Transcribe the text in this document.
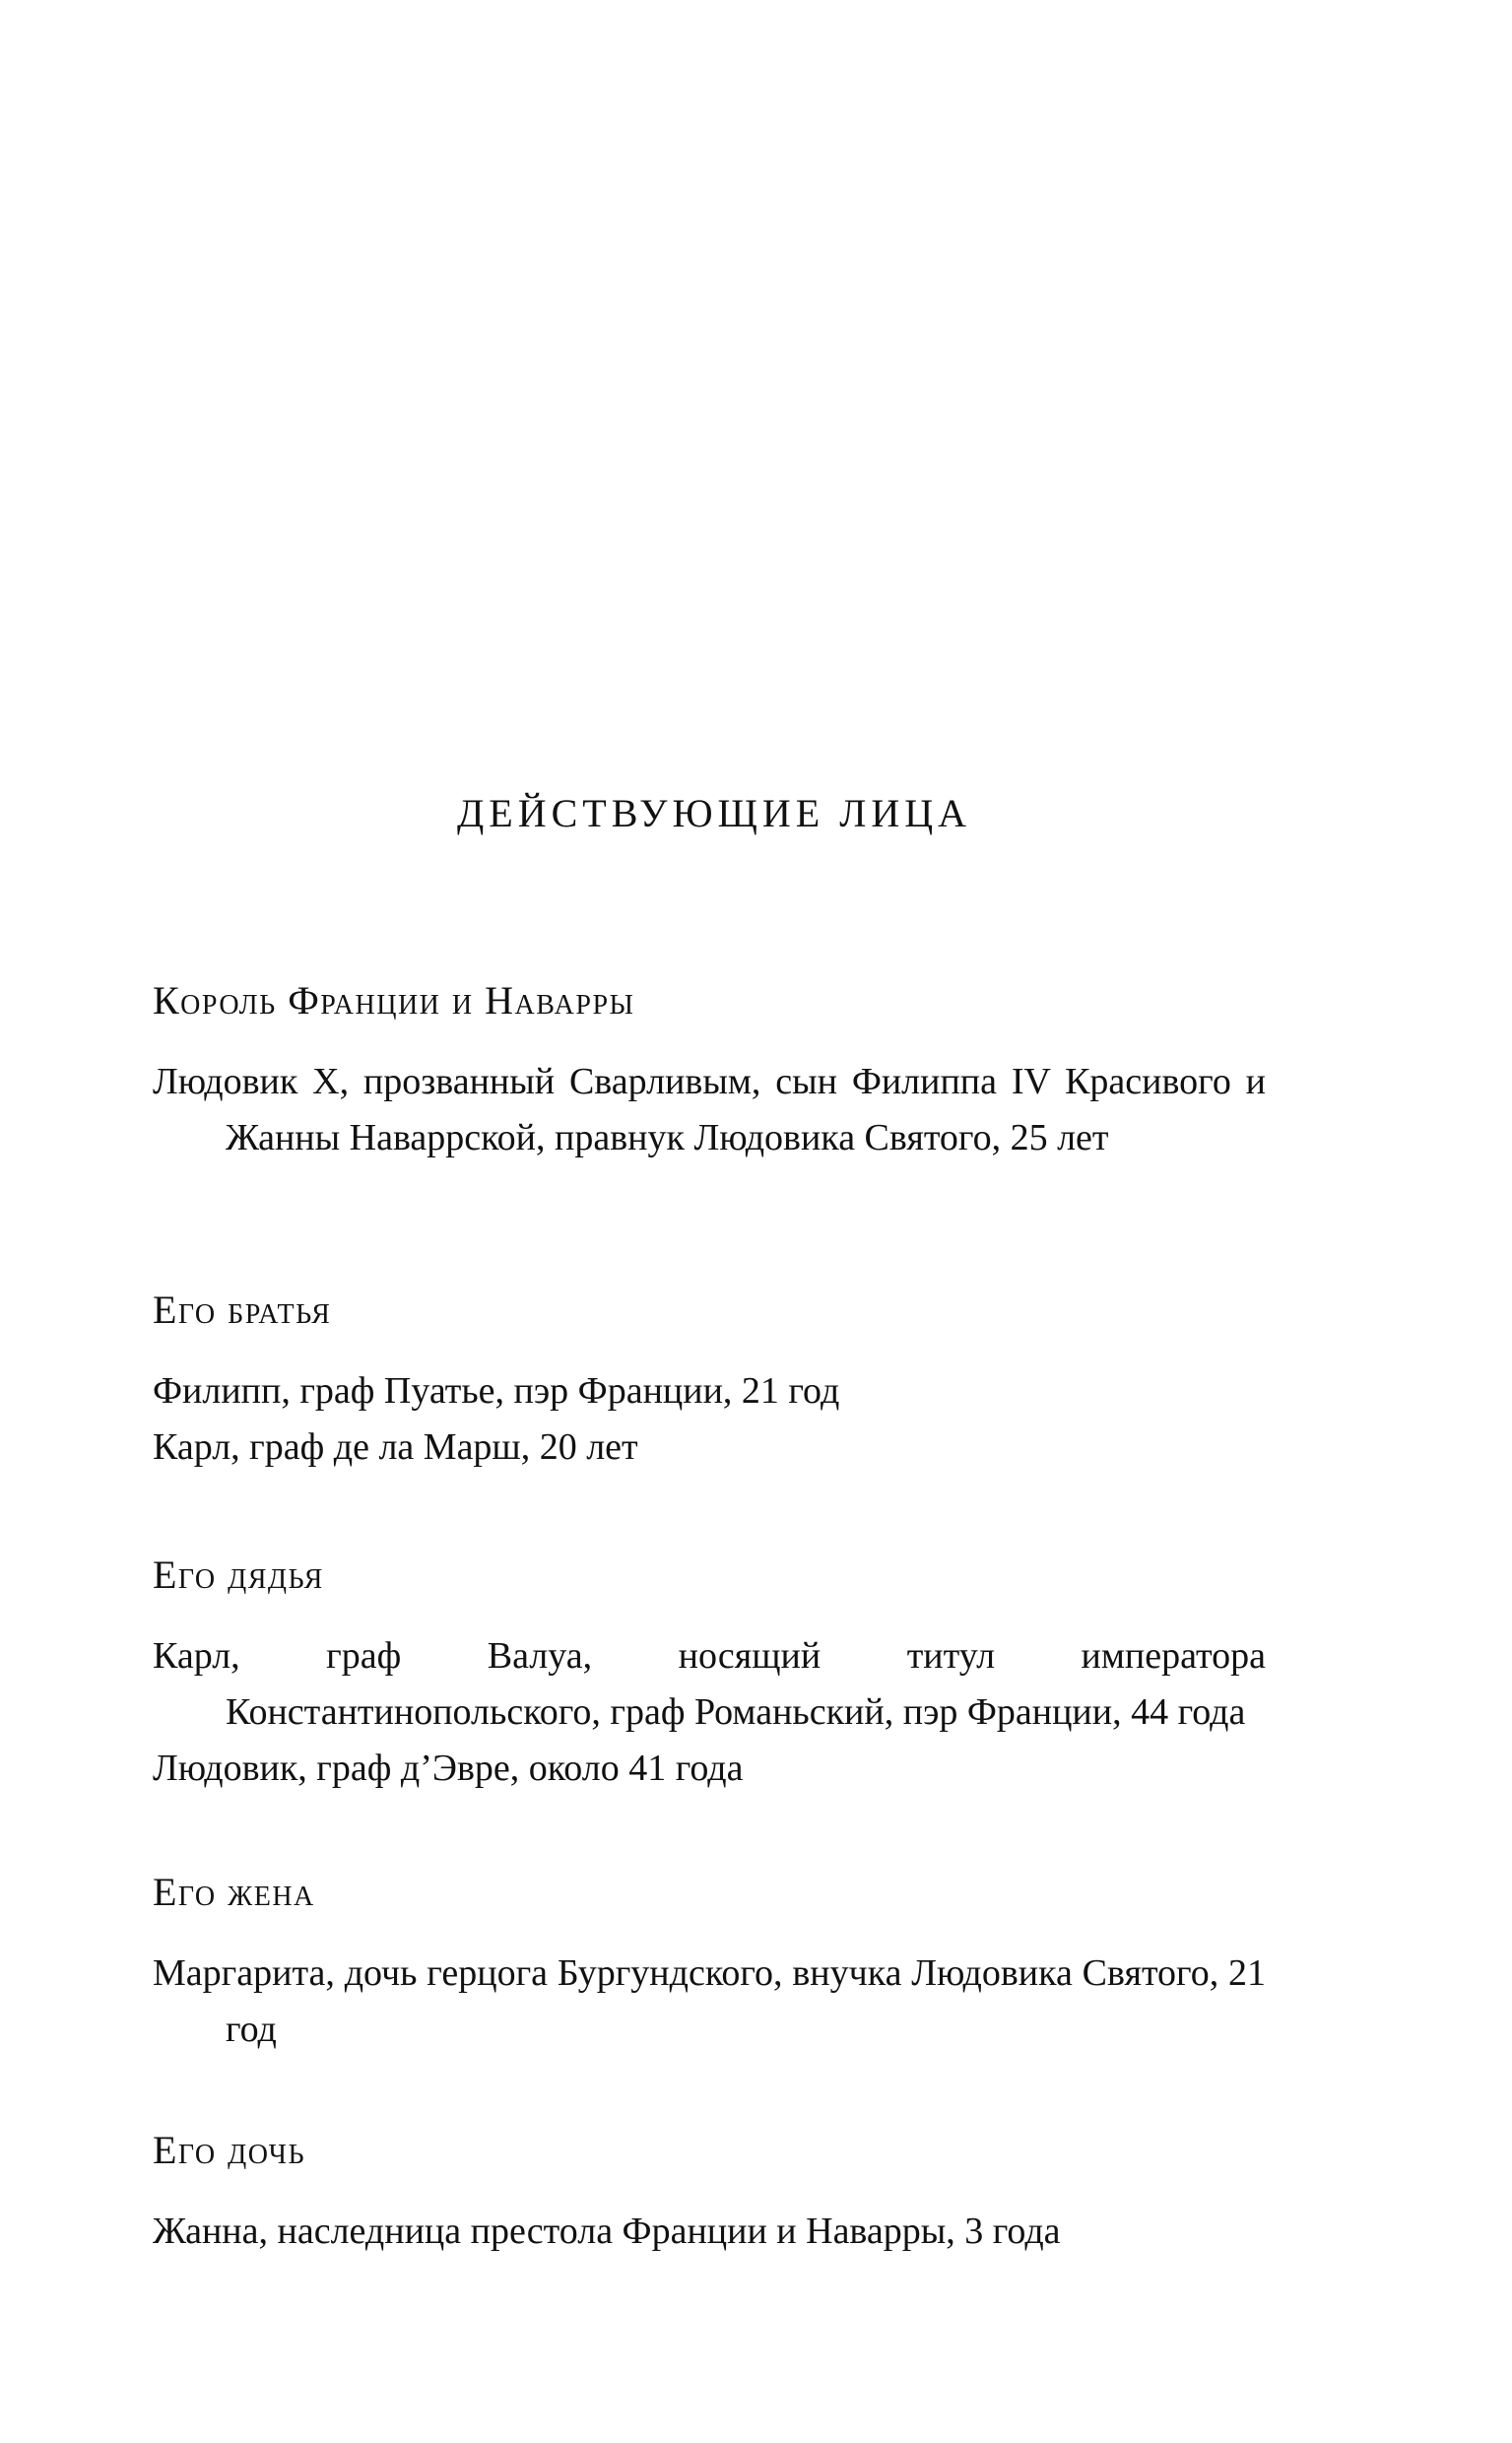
ДЕЙСТВУЮЩИЕ ЛИЦА
Король Франции и Наварры

Людовик X, прозванный Сварливым, сын Филиппа IV Красивого и Жанны Наваррской, правнук Людовика Святого, 25 лет

Его братья

Филипп, граф Пуатье, пэр Франции, 21 год

Карл, граф де ла Марш, 20 лет

Его дядья

Карл, граф Валуа, носящий титул императора Константинопольского, граф Романьский, пэр Франции, 44 года

Людовик, граф д’Эвре, около 41 года

Его жена

Маргарита, дочь герцога Бургундского, внучка Людовика Святого, 21 год

Его дочь

Жанна, наследница престола Франции и Наварры, 3 года
